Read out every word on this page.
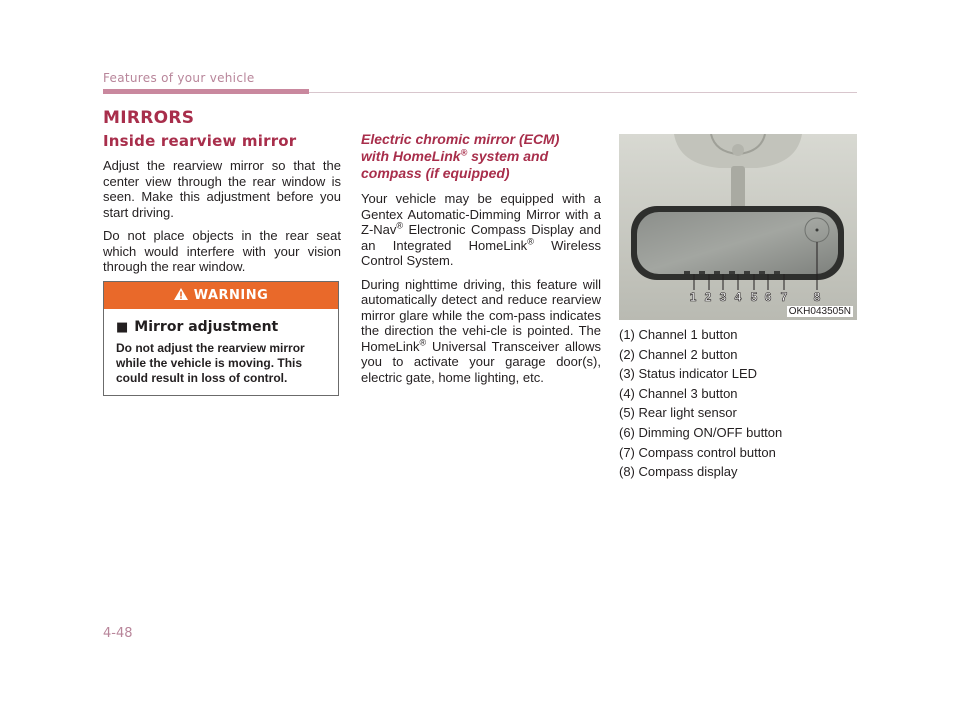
Features of your vehicle
MIRRORS
Inside rearview mirror

Adjust the rearview mirror so that the center view through the rear window is seen. Make this adjustment before you start driving.

Do not place objects in the rear seat which would interfere with your vision through the rear window.

WARNING
■ Mirror adjustment
Do not adjust the rearview mirror while the vehicle is moving. This could result in loss of control.
Electric chromic mirror (ECM)
with HomeLink® system and
compass (if equipped)

Your vehicle may be equipped with a Gentex Automatic-Dimming Mirror with a Z-Nav® Electronic Compass Display and an Integrated HomeLink® Wireless Control System.

During nighttime driving, this feature will automatically detect and reduce rearview mirror glare while the com-pass indicates the direction the vehi-cle is pointed. The HomeLink® Universal Transceiver allows you to activate your garage door(s), electric gate, home lighting, etc.

1 2 3 4 5 6 7 8
OKH043505N

(1) Channel 1 button

(2) Channel 2 button

(3) Status indicator LED

(4) Channel 3 button

(5) Rear light sensor

(6) Dimming ON/OFF button

(7) Compass control button

(8) Compass display

4-48
